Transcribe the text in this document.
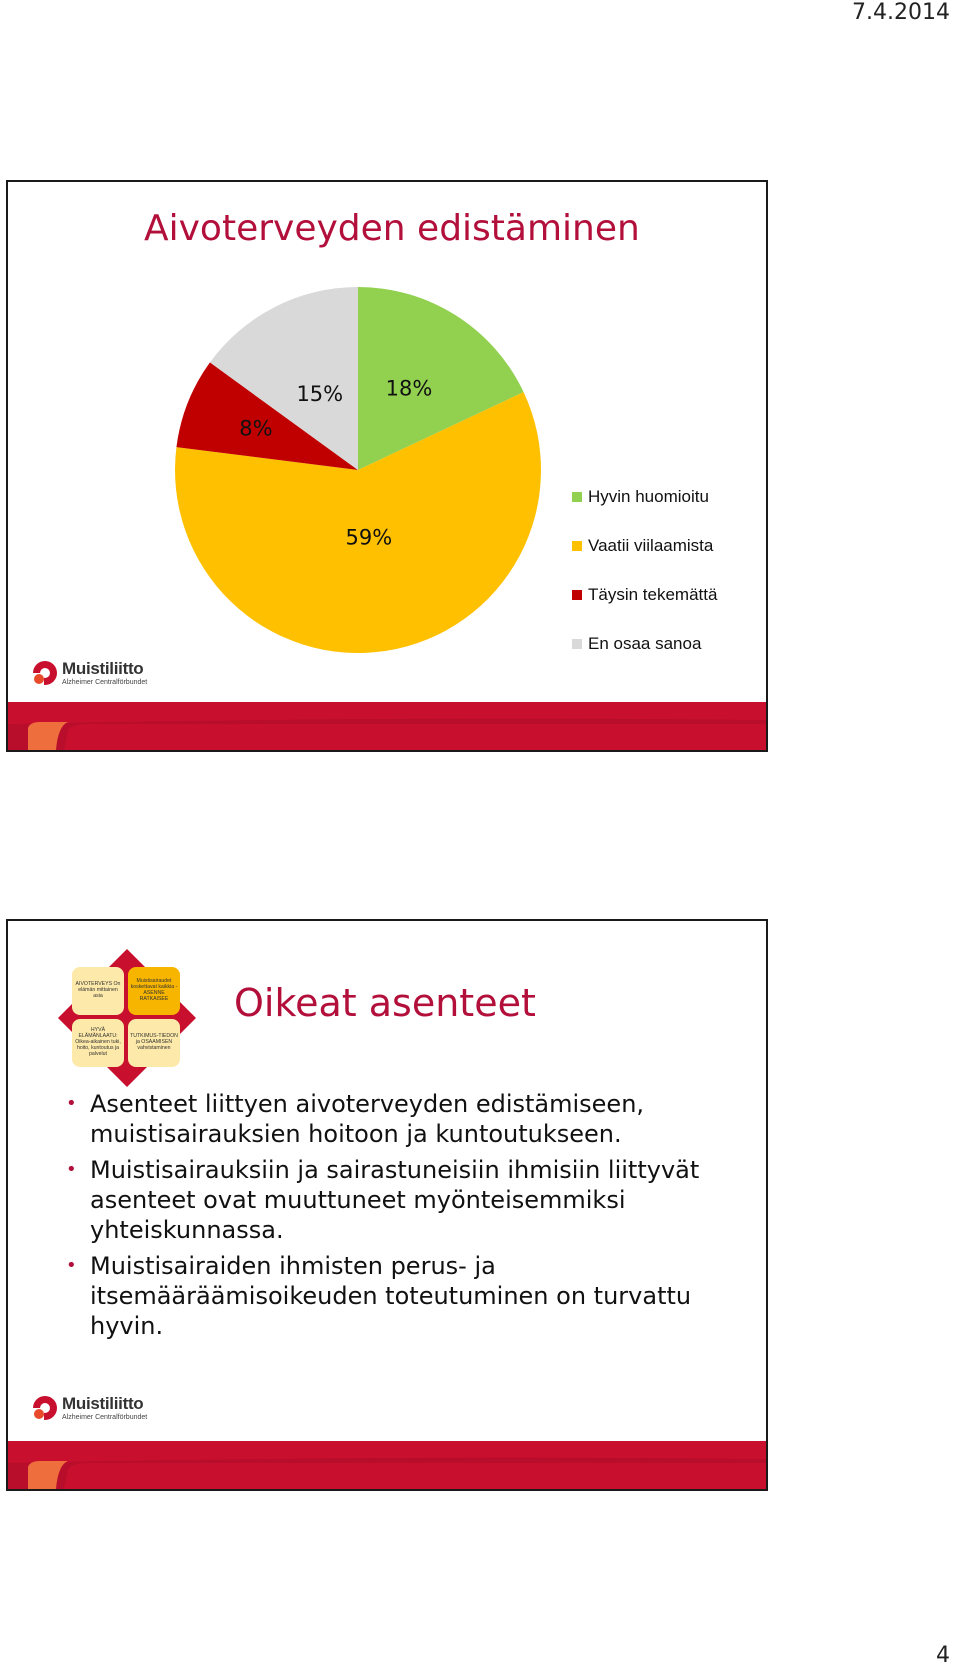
7.4.2014
Aivoterveyden edistäminen
18%
59%
8%
15%
Hyvin huomioitu
Vaatii viilaamista
Täysin tekemättä
En osaa sanoa
Muistiliitto
Alzheimer Centralförbundet
AIVOTERVEYS On elämän mittainen asia
Muistisairaudet koskettavat kaikkia - ASENNE RATKAISEE
HYVÄ ELÄMÄNLAATU: Oikea-aikainen tuki, hoito, kuntoutus ja palvelut
TUTKIMUS-TIEDON ja OSAAMISEN vahvistaminen
Oikeat asenteet
• Asenteet liittyen aivoterveyden edistämiseen, muistisairauksien hoitoon ja kuntoutukseen.
• Muistisairauksiin ja sairastuneisiin ihmisiin liittyvät asenteet ovat muuttuneet myönteisemmiksi yhteiskunnassa.
• Muistisairaiden ihmisten perus- ja itsemääräämisoikeuden toteutuminen on turvattu hyvin.
Muistiliitto
Alzheimer Centralförbundet
4
